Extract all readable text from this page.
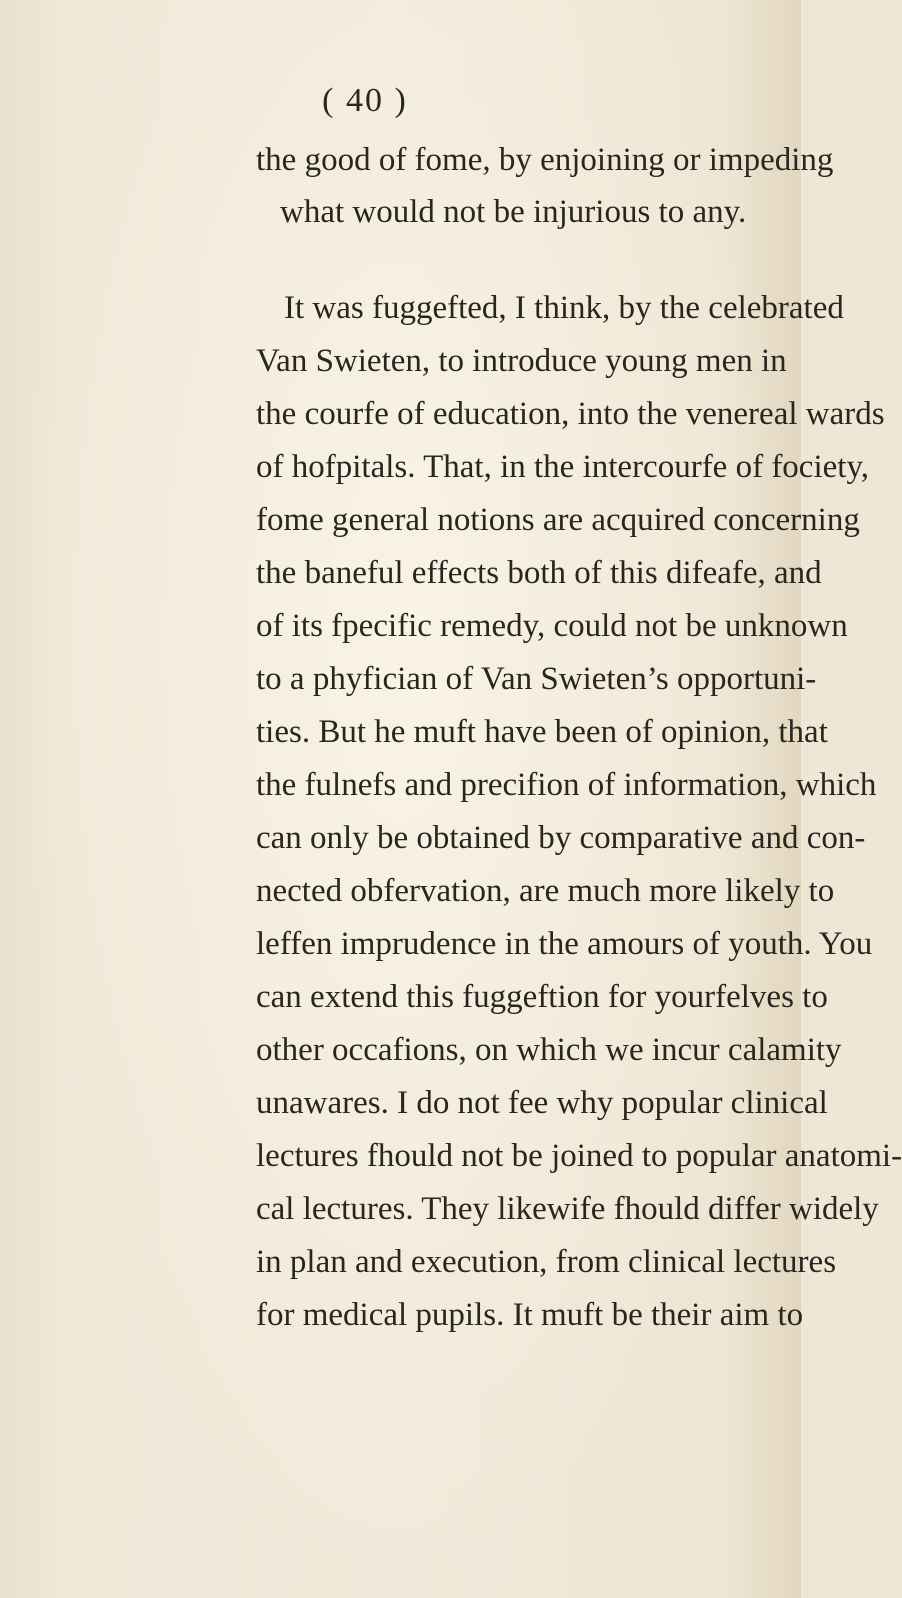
( 40 )
the good of fome, by enjoining or impeding
what would not be injurious to any.
It was fuggefted, I think, by the celebrated
Van Swieten, to introduce young men in
the courfe of education, into the venereal wards
of hofpitals. That, in the intercourfe of fociety,
fome general notions are acquired concerning
the baneful effects both of this difeafe, and
of its fpecific remedy, could not be unknown
to a phyfician of Van Swieten’s opportuni-
ties. But he muft have been of opinion, that
the fulnefs and precifion of information, which
can only be obtained by comparative and con-
nected obfervation, are much more likely to
leffen imprudence in the amours of youth. You
can extend this fuggeftion for yourfelves to
other occafions, on which we incur calamity
unawares. I do not fee why popular clinical
lectures fhould not be joined to popular anatomi-
cal lectures. They likewife fhould differ widely
in plan and execution, from clinical lectures
for medical pupils. It muft be their aim to
